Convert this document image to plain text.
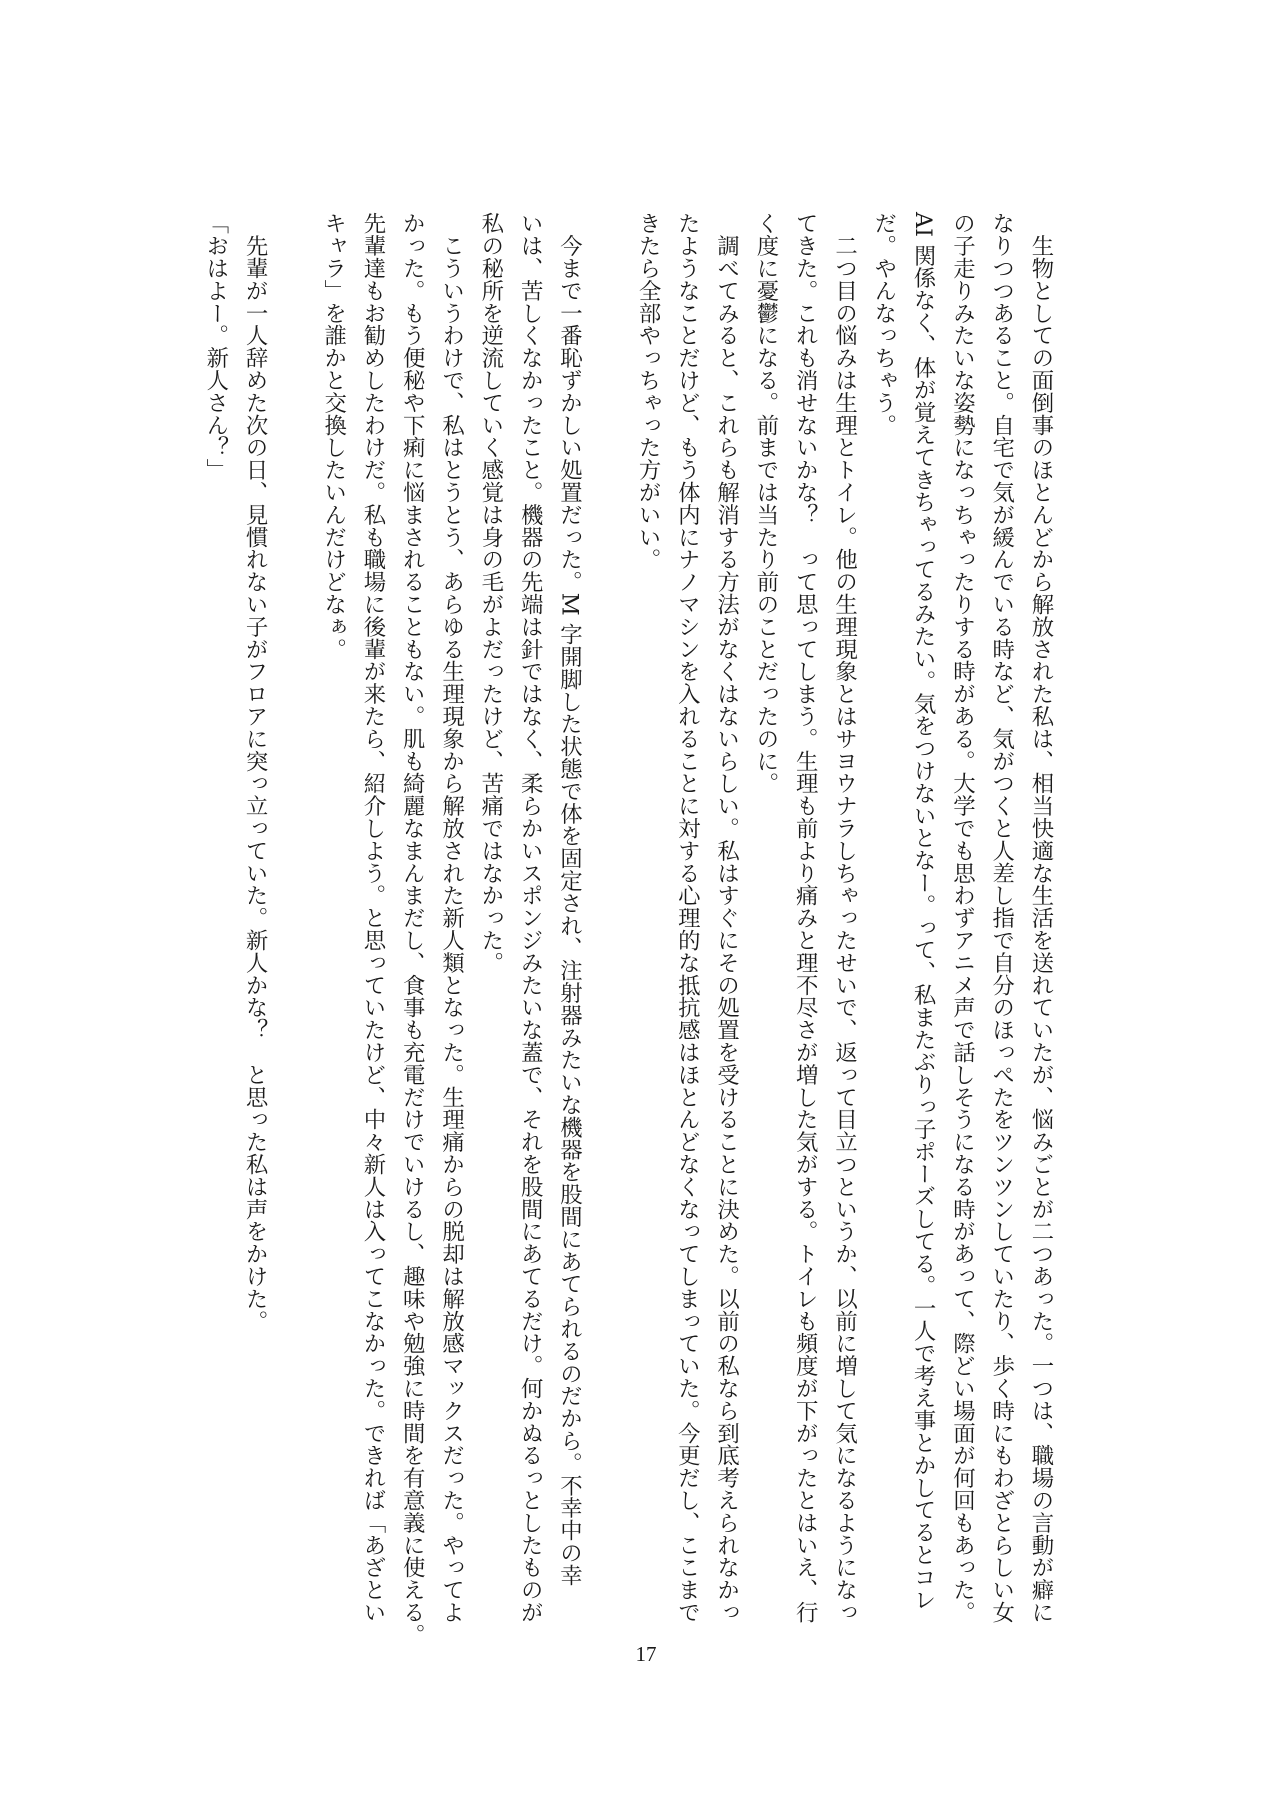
　生物としての面倒事のほとんどから解放された私は、相当快適な生活を送れていたが、悩みごとが二つあった。一つは、職場の言動が癖に
なりつつあること。自宅で気が緩んでいる時など、気がつくと人差し指で自分のほっぺたをツンツンしていたり、歩く時にもわざとらしい女
の子走りみたいな姿勢になっちゃったりする時がある。大学でも思わずアニメ声で話しそうになる時があって、際どい場面が何回もあった。
AI 関係なく、体が覚えてきちゃってるみたい。気をつけないとなー。って、私またぶりっ子ポーズしてる。一人で考え事とかしてるとコレ
だ。やんなっちゃう。
　二つ目の悩みは生理とトイレ。他の生理現象とはサヨウナラしちゃったせいで、返って目立つというか、以前に増して気になるようになっ
てきた。これも消せないかな？　って思ってしまう。生理も前より痛みと理不尽さが増した気がする。トイレも頻度が下がったとはいえ、行
く度に憂鬱になる。前までは当たり前のことだったのに。
　調べてみると、これらも解消する方法がなくはないらしい。私はすぐにその処置を受けることに決めた。以前の私なら到底考えられなかっ
たようなことだけど、もう体内にナノマシンを入れることに対する心理的な抵抗感はほとんどなくなってしまっていた。今更だし、ここまで
きたら全部やっちゃった方がいい。
　今まで一番恥ずかしい処置だった。M 字開脚した状態で体を固定され、注射器みたいな機器を股間にあてられるのだから。不幸中の幸
いは、苦しくなかったこと。機器の先端は針ではなく、柔らかいスポンジみたいな蓋で、それを股間にあてるだけ。何かぬるっとしたものが
私の秘所を逆流していく感覚は身の毛がよだったけど、苦痛ではなかった。
　こういうわけで、私はとうとう、あらゆる生理現象から解放された新人類となった。生理痛からの脱却は解放感マックスだった。やってよ
かった。もう便秘や下痢に悩まされることもない。肌も綺麗なまんまだし、食事も充電だけでいけるし、趣味や勉強に時間を有意義に使える。
先輩達もお勧めしたわけだ。私も職場に後輩が来たら、紹介しよう。と思っていたけど、中々新人は入ってこなかった。できれば「あざとい
キャラ」を誰かと交換したいんだけどなぁ。
　先輩が一人辞めた次の日、見慣れない子がフロアに突っ立っていた。新人かな？　と思った私は声をかけた。
「おはよー。新人さん？」
17
